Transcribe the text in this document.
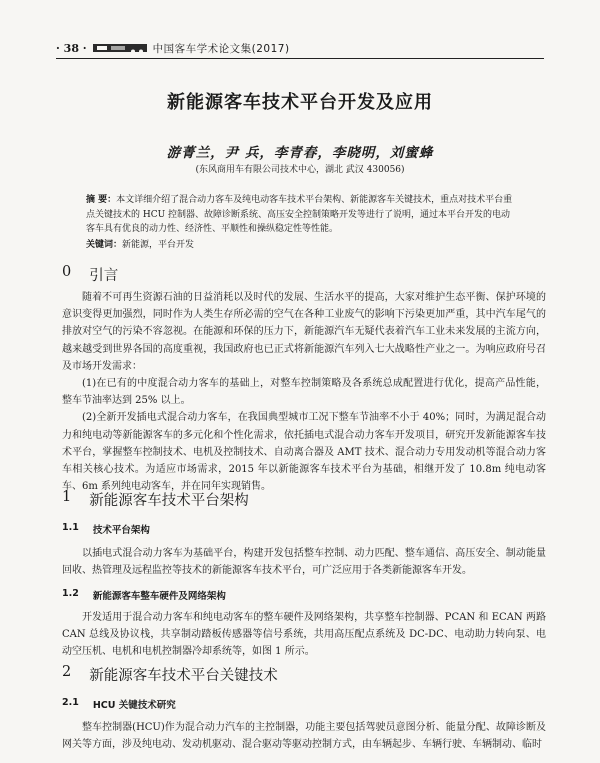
· 38 ·	中国客车学术论文集(2017)
新能源客车技术平台开发及应用
游菁兰，尹 兵，李青春，李晓明，刘蜜蜂
(东风商用车有限公司技术中心，湖北 武汉 430056)
摘 要：本文详细介绍了混合动力客车及纯电动客车技术平台架构、新能源客车关键技术，重点对技术平台重点关键技术的 HCU 控制器、故障诊断系统、高压安全控制策略开发等进行了说明，通过本平台开发的电动客车具有优良的动力性、经济性、平顺性和操纵稳定性等性能。
关键词：新能源，平台开发
0 引言

随着不可再生资源石油的日益消耗以及时代的发展、生活水平的提高，大家对维护生态平衡、保护环境的意识变得更加强烈，同时作为人类生存所必需的空气在各种工业废气的影响下污染更加严重，其中汽车尾气的排放对空气的污染不容忽视。在能源和环保的压力下，新能源汽车无疑代表着汽车工业未来发展的主流方向，越来越受到世界各国的高度重视，我国政府也已正式将新能源汽车列入七大战略性产业之一。为响应政府号召及市场开发需求：

(1)在已有的中度混合动力客车的基础上，对整车控制策略及各系统总成配置进行优化，提高产品性能，整车节油率达到 25% 以上。

(2)全新开发插电式混合动力客车，在我国典型城市工况下整车节油率不小于 40%；同时，为满足混合动力和纯电动等新能源客车的多元化和个性化需求，依托插电式混合动力客车开发项目，研究开发新能源客车技术平台，掌握整车控制技术、电机及控制技术、自动离合器及 AMT 技术、混合动力专用发动机等混合动力客车相关核心技术。为适应市场需求，2015 年以新能源客车技术平台为基础，相继开发了 10.8m 纯电动客车、6m 系列纯电动客车，并在同年实现销售。

1 新能源客车技术平台架构
1.1 技术平台架构

以插电式混合动力客车为基础平台，构建开发包括整车控制、动力匹配、整车通信、高压安全、制动能量回收、热管理及远程监控等技术的新能源客车技术平台，可广泛应用于各类新能源客车开发。

1.2 新能源客车整车硬件及网络架构

开发适用于混合动力客车和纯电动客车的整车硬件及网络架构，共享整车控制器、PCAN 和 ECAN 两路 CAN 总线及协议栈，共享制动踏板传感器等信号系统，共用高压配点系统及 DC-DC、电动助力转向泵、电动空压机、电机和电机控制器冷却系统等，如图 1 所示。

2 新能源客车技术平台关键技术
2.1 HCU 关键技术研究

整车控制器(HCU)作为混合动力汽车的主控制器，功能主要包括驾驶员意图分析、能量分配、故障诊断及网关等方面，涉及纯电动、发动机驱动、混合驱动等驱动控制方式，由车辆起步、车辆行驶、车辆制动、临时
